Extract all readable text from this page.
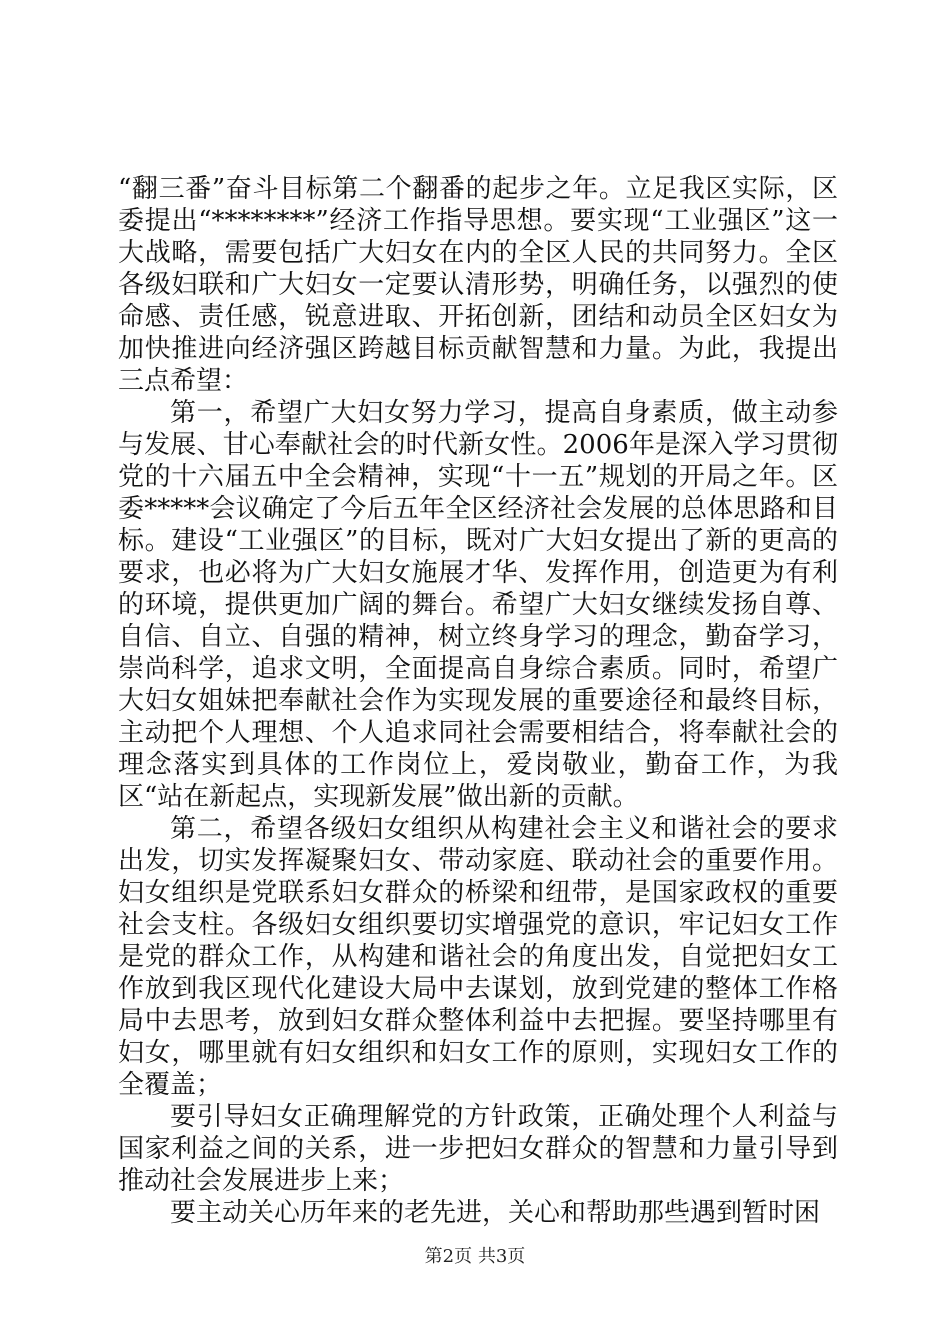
“翻三番”奋斗目标第二个翻番的起步之年。立足我区实际，区委提出“********”经济工作指导思想。要实现“工业强区”这一大战略，需要包括广大妇女在内的全区人民的共同努力。全区各级妇联和广大妇女一定要认清形势，明确任务，以强烈的使命感、责任感，锐意进取、开拓创新，团结和动员全区妇女为加快推进向经济强区跨越目标贡献智慧和力量。为此，我提出三点希望：

第一，希望广大妇女努力学习，提高自身素质，做主动参与发展、甘心奉献社会的时代新女性。2006年是深入学习贯彻党的十六届五中全会精神，实现“十一五”规划的开局之年。区委*****会议确定了今后五年全区经济社会发展的总体思路和目标。建设“工业强区”的目标，既对广大妇女提出了新的更高的要求，也必将为广大妇女施展才华、发挥作用，创造更为有利的环境，提供更加广阔的舞台。希望广大妇女继续发扬自尊、自信、自立、自强的精神，树立终身学习的理念，勤奋学习，崇尚科学，追求文明，全面提高自身综合素质。同时，希望广大妇女姐妹把奉献社会作为实现发展的重要途径和最终目标，主动把个人理想、个人追求同社会需要相结合，将奉献社会的理念落实到具体的工作岗位上，爱岗敬业，勤奋工作，为我区“站在新起点，实现新发展”做出新的贡献。

第二，希望各级妇女组织从构建社会主义和谐社会的要求出发，切实发挥凝聚妇女、带动家庭、联动社会的重要作用。妇女组织是党联系妇女群众的桥梁和纽带，是国家政权的重要社会支柱。各级妇女组织要切实增强党的意识，牢记妇女工作是党的群众工作，从构建和谐社会的角度出发，自觉把妇女工作放到我区现代化建设大局中去谋划，放到党建的整体工作格局中去思考，放到妇女群众整体利益中去把握。要坚持哪里有妇女，哪里就有妇女组织和妇女工作的原则，实现妇女工作的全覆盖；

要引导妇女正确理解党的方针政策，正确处理个人利益与国家利益之间的关系，进一步把妇女群众的智慧和力量引导到推动社会发展进步上来；

要主动关心历年来的老先进，关心和帮助那些遇到暂时困

第2页 共3页
